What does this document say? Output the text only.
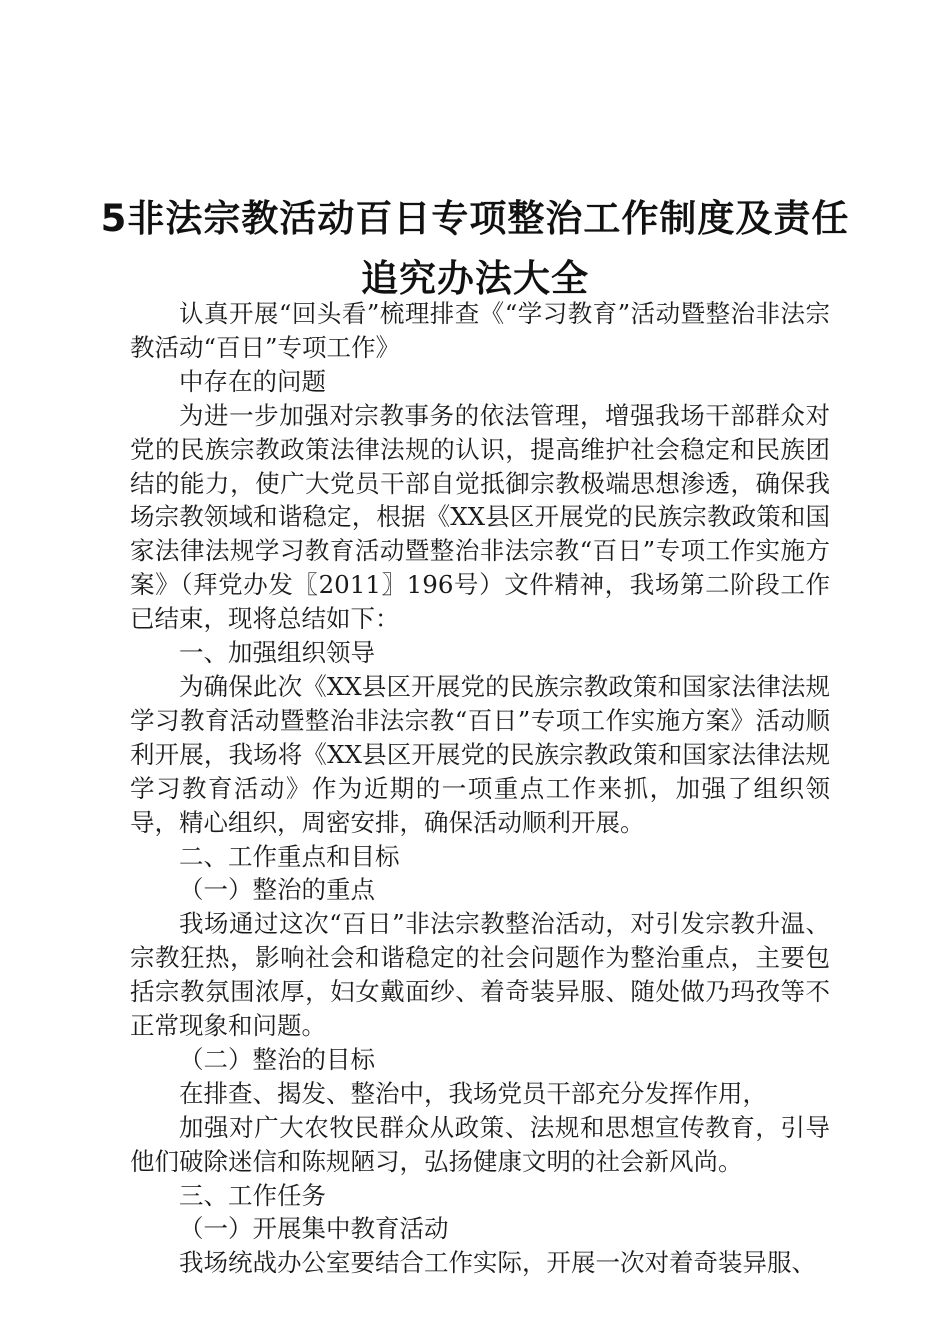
5非法宗教活动百日专项整治工作制度及责任
追究办法大全

认真开展“回头看”梳理排查《“学习教育”活动暨整治非法宗教活动“百日”专项工作》

中存在的问题

为进一步加强对宗教事务的依法管理，增强我场干部群众对党的民族宗教政策法律法规的认识，提高维护社会稳定和民族团结的能力，使广大党员干部自觉抵御宗教极端思想渗透，确保我场宗教领域和谐稳定，根据《XX县区开展党的民族宗教政策和国家法律法规学习教育活动暨整治非法宗教“百日”专项工作实施方案》（拜党办发〖2011〗196号）文件精神，我场第二阶段工作已结束，现将总结如下：

一、加强组织领导

为确保此次《XX县区开展党的民族宗教政策和国家法律法规学习教育活动暨整治非法宗教“百日”专项工作实施方案》活动顺利开展，我场将《XX县区开展党的民族宗教政策和国家法律法规学习教育活动》作为近期的一项重点工作来抓，加强了组织领导，精心组织，周密安排，确保活动顺利开展。

二、工作重点和目标

（一）整治的重点

我场通过这次“百日”非法宗教整治活动，对引发宗教升温、宗教狂热，影响社会和谐稳定的社会问题作为整治重点，主要包括宗教氛围浓厚，妇女戴面纱、着奇装异服、随处做乃玛孜等不正常现象和问题。

（二）整治的目标

在排查、揭发、整治中，我场党员干部充分发挥作用，

加强对广大农牧民群众从政策、法规和思想宣传教育，引导他们破除迷信和陈规陋习，弘扬健康文明的社会新风尚。

三、工作任务

（一）开展集中教育活动

我场统战办公室要结合工作实际，开展一次对着奇装异服、
